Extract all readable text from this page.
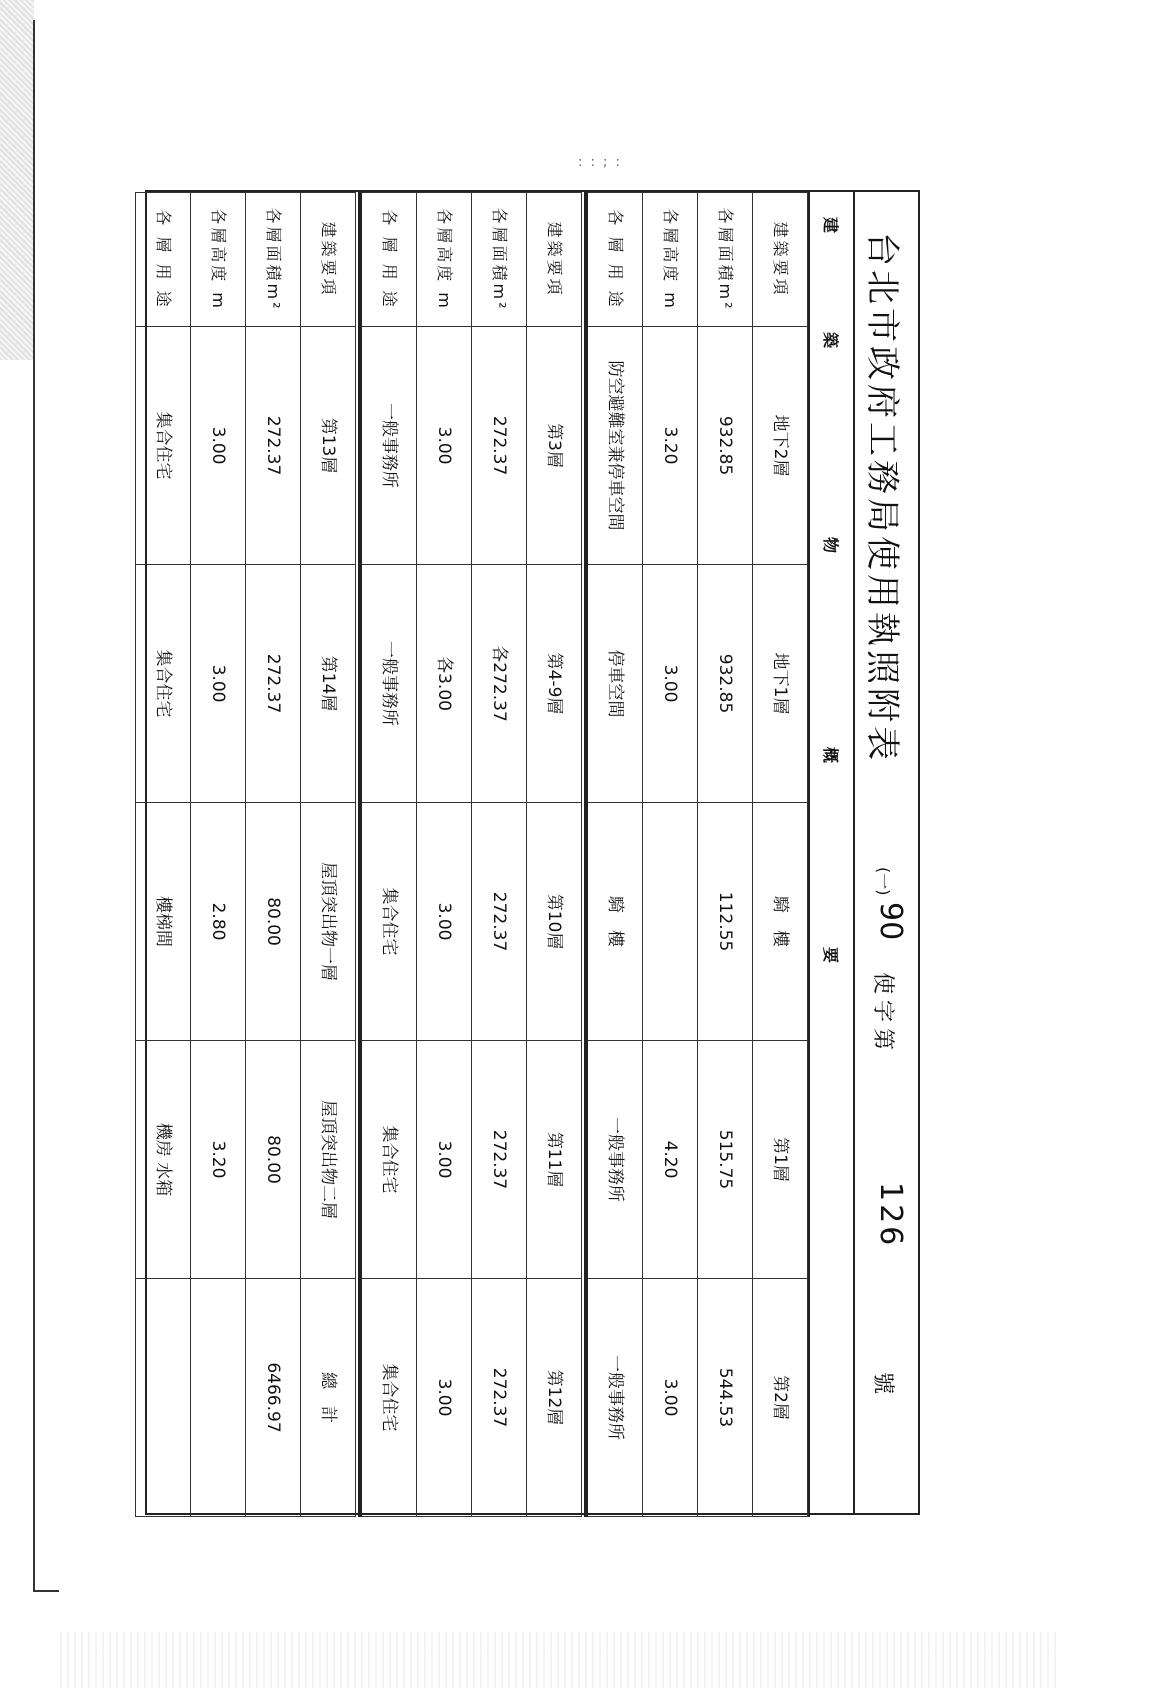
: : ; :
台北市政府工務局使用執照附表
(一)
90
使字第
126
號
建
築
物
概
要
建築要項	地下2層	地下1層	騎　樓	第1層	第2層
各層面積m²	932.85	932.85	112.55	515.75	544.53
各層高度 m	3.20	3.00		4.20	3.00
各 層 用 途	防空避難室兼停車空間	停車空間	騎　樓	一般事務所	一般事務所
建築要項	第3層	第4-9層	第10層	第11層	第12層
各層面積m²	272.37	各272.37	272.37	272.37	272.37
各層高度 m	3.00	各3.00	3.00	3.00	3.00
各 層 用 途	一般事務所	一般事務所	集合住宅	集合住宅	集合住宅
建築要項	第13層	第14層	屋頂突出物一層	屋頂突出物二層	總　計
各層面積m²	272.37	272.37	80.00	80.00	6466.97
各層高度 m	3.00	3.00	2.80	3.20	
各 層 用 途	集合住宅	集合住宅	樓梯間	機房 水箱	
